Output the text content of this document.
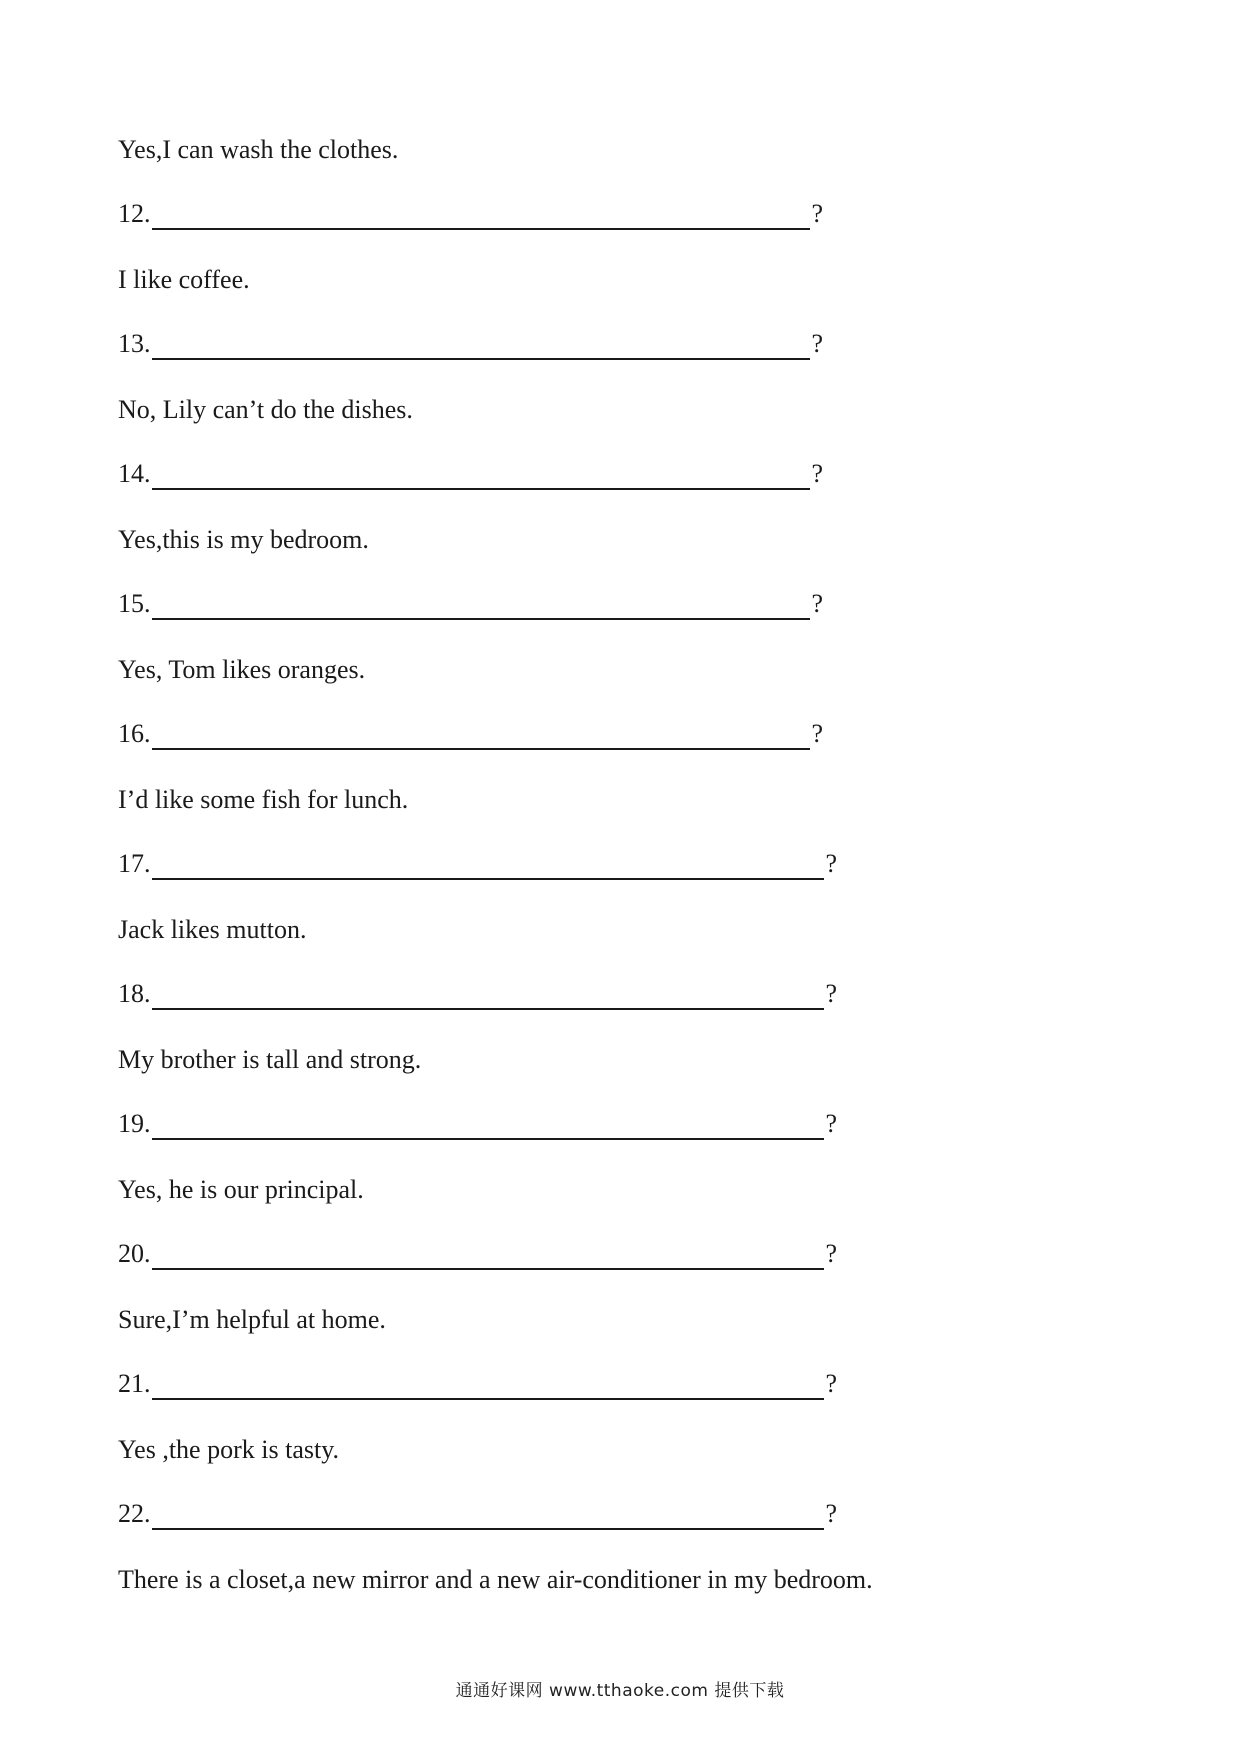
Yes,I can wash the clothes.
12.	?
I like coffee.
13.	?
No, Lily can’t do the dishes.
14.	?
Yes,this is my bedroom.
15.	?
Yes, Tom likes oranges.
16.	?
I’d like some fish for lunch.
17.	?
Jack likes mutton.
18.	?
My brother is tall and strong.
19.	?
Yes, he is our principal.
20.	?
Sure,I’m helpful at home.
21.	?
Yes ,the pork is tasty.
22.	?
There is a closet,a new mirror and a new air-conditioner in my bedroom.
通通好课网 www.tthaoke.com 提供下载
